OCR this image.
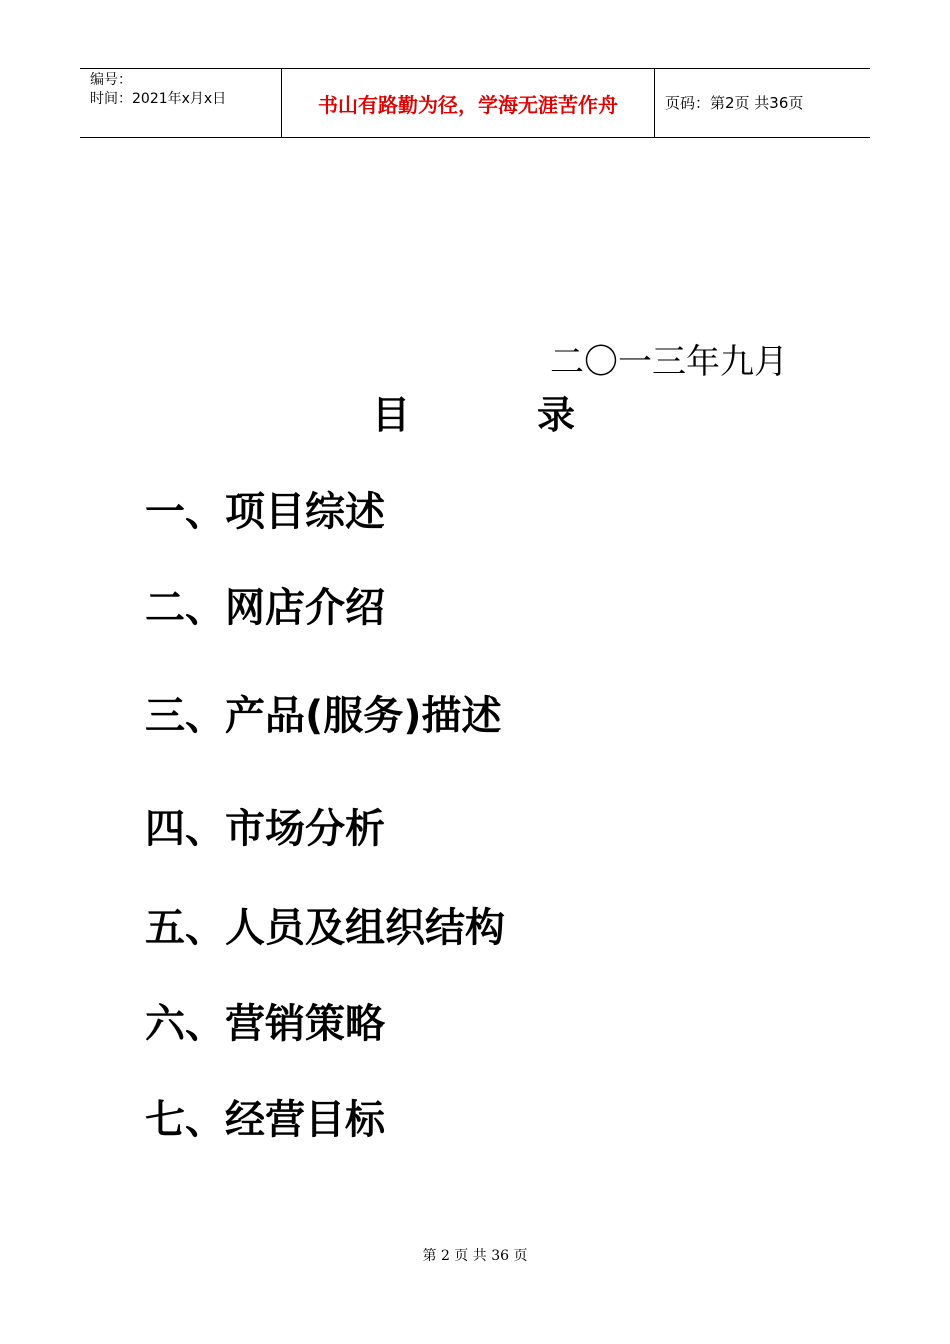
编号：
时间：2021年x月x日	书山有路勤为径，学海无涯苦作舟	页码：第2页 共36页
二〇一三年九月
目	录
一、项目综述
二、网店介绍
三、产品(服务)描述
四、市场分析
五、人员及组织结构
六、营销策略
七、经营目标
第 2 页 共 36 页
